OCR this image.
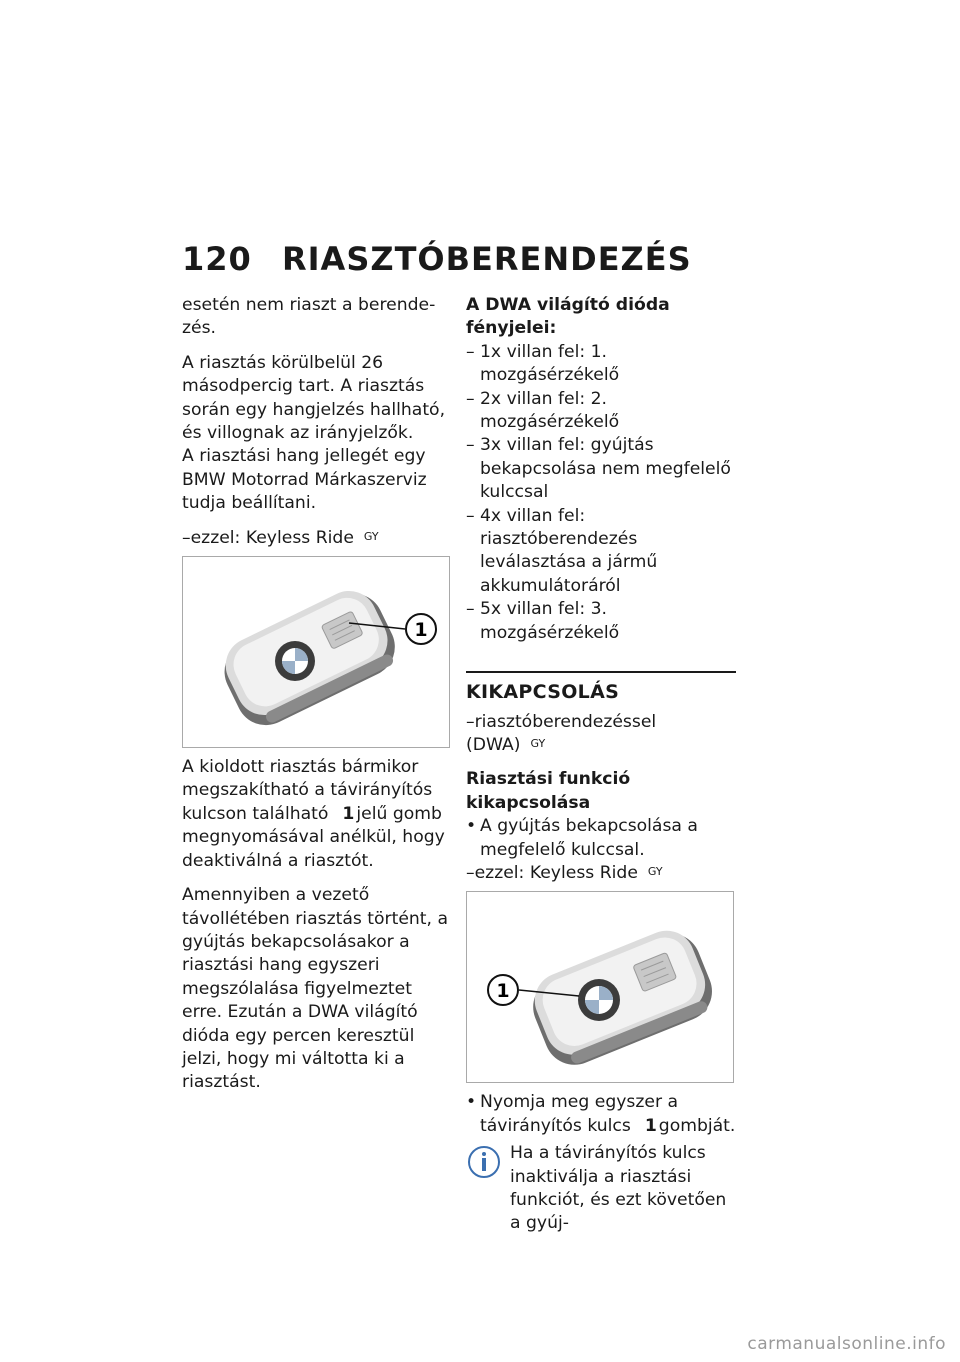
120 RIASZTÓBERENDEZÉS

esetén nem riaszt a berende-zés.

A riasztás körülbelül 26 másodpercig tart. A riasztás során egy hangjelzés hallható, és villognak az irányjelzők.

A riasztási hang jellegét egy BMW Motorrad Márkaszerviz tudja beállítani.

–ezzel: Keyless Ride $^{GY}$

1

A kioldott riasztás bármikor megszakítható a távirányítós kulcson található 1 jelű gomb megnyomásával anélkül, hogy deaktiválná a riasztót.

Amennyiben a vezető távollétében riasztás történt, a gyújtás bekapcsolásakor a riasztási hang egyszeri megszólalása figyelmeztet erre. Ezután a DWA világító dióda egy percen keresztül jelzi, hogy mi váltotta ki a riasztást.

A DWA világító dióda fényjelei:

– 1x villan fel: 1. mozgásérzékelő
– 2x villan fel: 2. mozgásérzékelő
– 3x villan fel: gyújtás bekapcsolása nem megfelelő kulccsal
– 4x villan fel: riasztóberendezés leválasztása a jármű akkumulátoráról
– 5x villan fel: 3. mozgásérzékelő
KIKAPCSOLÁS

–riasztóberendezéssel (DWA) $^{GY}$

Riasztási funkció kikapcsolása

• A gyújtás bekapcsolása a megfelelő kulccsal.

–ezzel: Keyless Ride $^{GY}$

1
• Nyomja meg egyszer a távirányítós kulcs 1 gombját.
Ha a távirányítós kulcs inaktiválja a riasztási funkciót, és ezt követően a gyúj-
carmanualsonline.info
